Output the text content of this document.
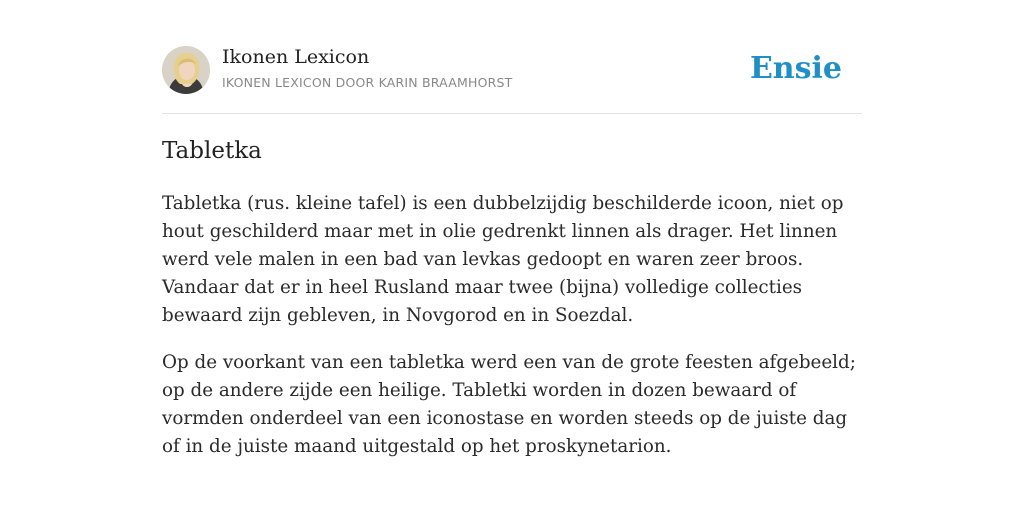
Ikonen Lexicon
IKONEN LEXICON DOOR KARIN BRAAMHORST	Ensie
Tabletka

Tabletka (rus. kleine tafel) is een dubbelzijdig beschilderde icoon, niet op hout geschilderd maar met in olie gedrenkt linnen als drager. Het linnen werd vele malen in een bad van levkas gedoopt en waren zeer broos. Vandaar dat er in heel Rusland maar twee (bijna) volledige collecties bewaard zijn gebleven, in Novgorod en in Soezdal.

Op de voorkant van een tabletka werd een van de grote feesten afgebeeld; op de andere zijde een heilige. Tabletki worden in dozen bewaard of vormden onderdeel van een iconostase en worden steeds op de juiste dag of in de juiste maand uitgestald op het proskynetarion.
